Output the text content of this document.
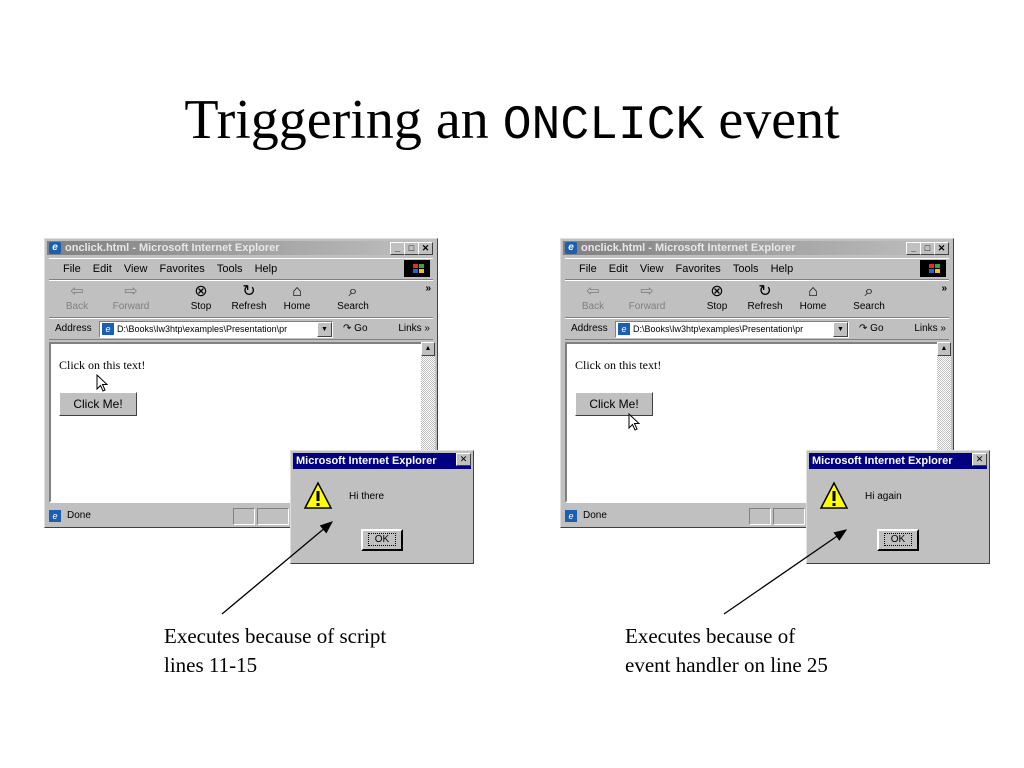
Triggering an ONCLICK event
e onclick.html - Microsoft Internet Explorer	_ □ ✕
File Edit View Favorites Tools Help
⇦
Back
⇨
Forward
⊗
Stop
↻
Refresh
⌂
Home
⌕
Search
»
Address	e D:\Books\Iw3htp\examples\Presentation\pr	▼	↷ Go	Links »
Click on this text!
Click Me!
▲
e Done
Microsoft Internet Explorer	✕
Hi there
OK
e onclick.html - Microsoft Internet Explorer	_ □ ✕
File Edit View Favorites Tools Help
⇦
Back
⇨
Forward
⊗
Stop
↻
Refresh
⌂
Home
⌕
Search
»
Address	e D:\Books\Iw3htp\examples\Presentation\pr	▼	↷ Go	Links »
Click on this text!
Click Me!
▲
e Done
Microsoft Internet Explorer	✕
Hi again
OK
Executes because of script
lines 11-15
Executes because of
event handler on line 25
